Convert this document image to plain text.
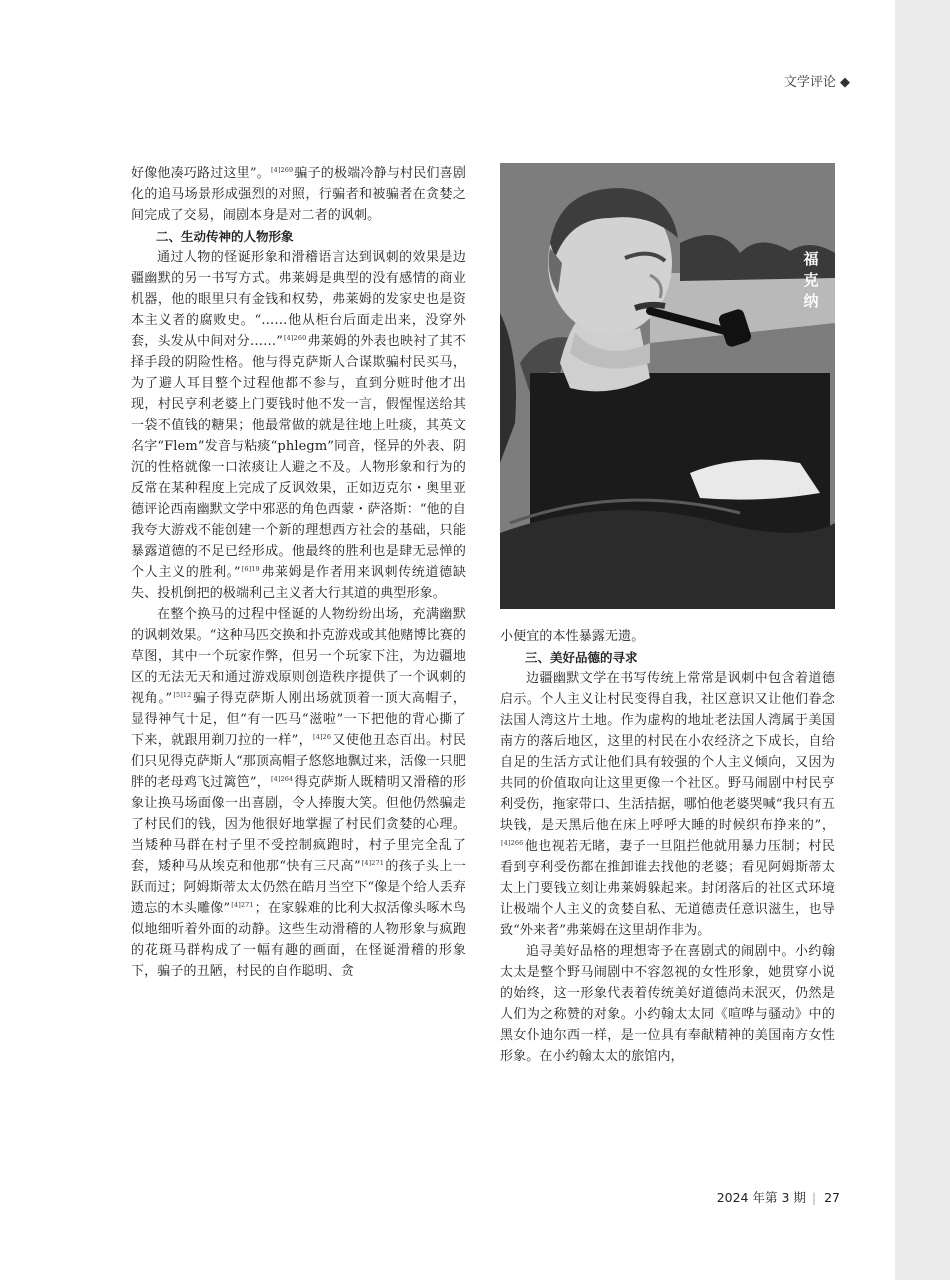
文学评论 ◆

好像他凑巧路过这里”。$^{[4]269}$骗子的极端冷静与村民们喜剧化的追马场景形成强烈的对照，行骗者和被骗者在贪婪之间完成了交易，闹剧本身是对二者的讽刺。

二、生动传神的人物形象

通过人物的怪诞形象和滑稽语言达到讽刺的效果是边疆幽默的另一书写方式。弗莱姆是典型的没有感情的商业机器，他的眼里只有金钱和权势，弗莱姆的发家史也是资本主义者的腐败史。“……他从柜台后面走出来，没穿外套，头发从中间对分……”$^{[4]260}$弗莱姆的外表也映衬了其不择手段的阴险性格。他与得克萨斯人合谋欺骗村民买马，为了避人耳目整个过程他都不参与，直到分赃时他才出现，村民亨利老婆上门要钱时他不发一言，假惺惺送给其一袋不值钱的糖果；他最常做的就是往地上吐痰，其英文名字“Flem”发音与粘痰“phlegm”同音，怪异的外表、阴沉的性格就像一口浓痰让人避之不及。人物形象和行为的反常在某种程度上完成了反讽效果，正如迈克尔・奥里亚德评论西南幽默文学中邪恶的角色西蒙・萨洛斯：“他的自我夸大游戏不能创建一个新的理想西方社会的基础，只能暴露道德的不足已经形成。他最终的胜利也是肆无忌惮的个人主义的胜利。”$^{[6]19}$弗莱姆是作者用来讽刺传统道德缺失、投机倒把的极端利己主义者大行其道的典型形象。

在整个换马的过程中怪诞的人物纷纷出场，充满幽默的讽刺效果。“这种马匹交换和扑克游戏或其他赌博比赛的草图，其中一个玩家作弊，但另一个玩家下注，为边疆地区的无法无天和通过游戏原则创造秩序提供了一个讽刺的视角。”$^{[5]12}$骗子得克萨斯人刚出场就顶着一顶大高帽子，显得神气十足，但“有一匹马“滋啦”一下把他的背心撕了下来，就跟用剃刀拉的一样”，$^{[4]26}$又使他丑态百出。村民们只见得克萨斯人“那顶高帽子悠悠地飘过来，活像一只肥胖的老母鸡飞过篱笆”，$^{[4]264}$得克萨斯人既精明又滑稽的形象让换马场面像一出喜剧，令人捧腹大笑。但他仍然骗走了村民们的钱，因为他很好地掌握了村民们贪婪的心理。当矮种马群在村子里不受控制疯跑时，村子里完全乱了套，矮种马从埃克和他那“快有三尺高”$^{[4]271}$的孩子头上一跃而过；阿姆斯蒂太太仍然在皓月当空下“像是个给人丢弃遗忘的木头雕像”$^{[4]271}$；在家躲难的比利大叔活像头啄木鸟似地细听着外面的动静。这些生动滑稽的人物形象与疯跑的花斑马群构成了一幅有趣的画面，在怪诞滑稽的形象下，骗子的丑陋，村民的自作聪明、贪

福克纳

小便宜的本性暴露无遗。

三、美好品德的寻求

边疆幽默文学在书写传统上常常是讽刺中包含着道德启示。个人主义让村民变得自我，社区意识又让他们眷念法国人湾这片土地。作为虚构的地址老法国人湾属于美国南方的落后地区，这里的村民在小农经济之下成长，自给自足的生活方式让他们具有较强的个人主义倾向，又因为共同的价值取向让这里更像一个社区。野马闹剧中村民亨利受伤，拖家带口、生活拮据，哪怕他老婆哭喊“我只有五块钱，是天黑后他在床上呼呼大睡的时候织布挣来的”，$^{[4]266}$他也视若无睹，妻子一旦阻拦他就用暴力压制；村民看到亨利受伤都在推卸谁去找他的老婆；看见阿姆斯蒂太太上门要钱立刻让弗莱姆躲起来。封闭落后的社区式环境让极端个人主义的贪婪自私、无道德责任意识滋生，也导致“外来者”弗莱姆在这里胡作非为。

追寻美好品格的理想寄予在喜剧式的闹剧中。小约翰太太是整个野马闹剧中不容忽视的女性形象，她贯穿小说的始终，这一形象代表着传统美好道德尚未泯灭，仍然是人们为之称赞的对象。小约翰太太同《喧哗与骚动》中的黑女仆迪尔西一样，是一位具有奉献精神的美国南方女性形象。在小约翰太太的旅馆内，

2024 年第 3 期 | 27
